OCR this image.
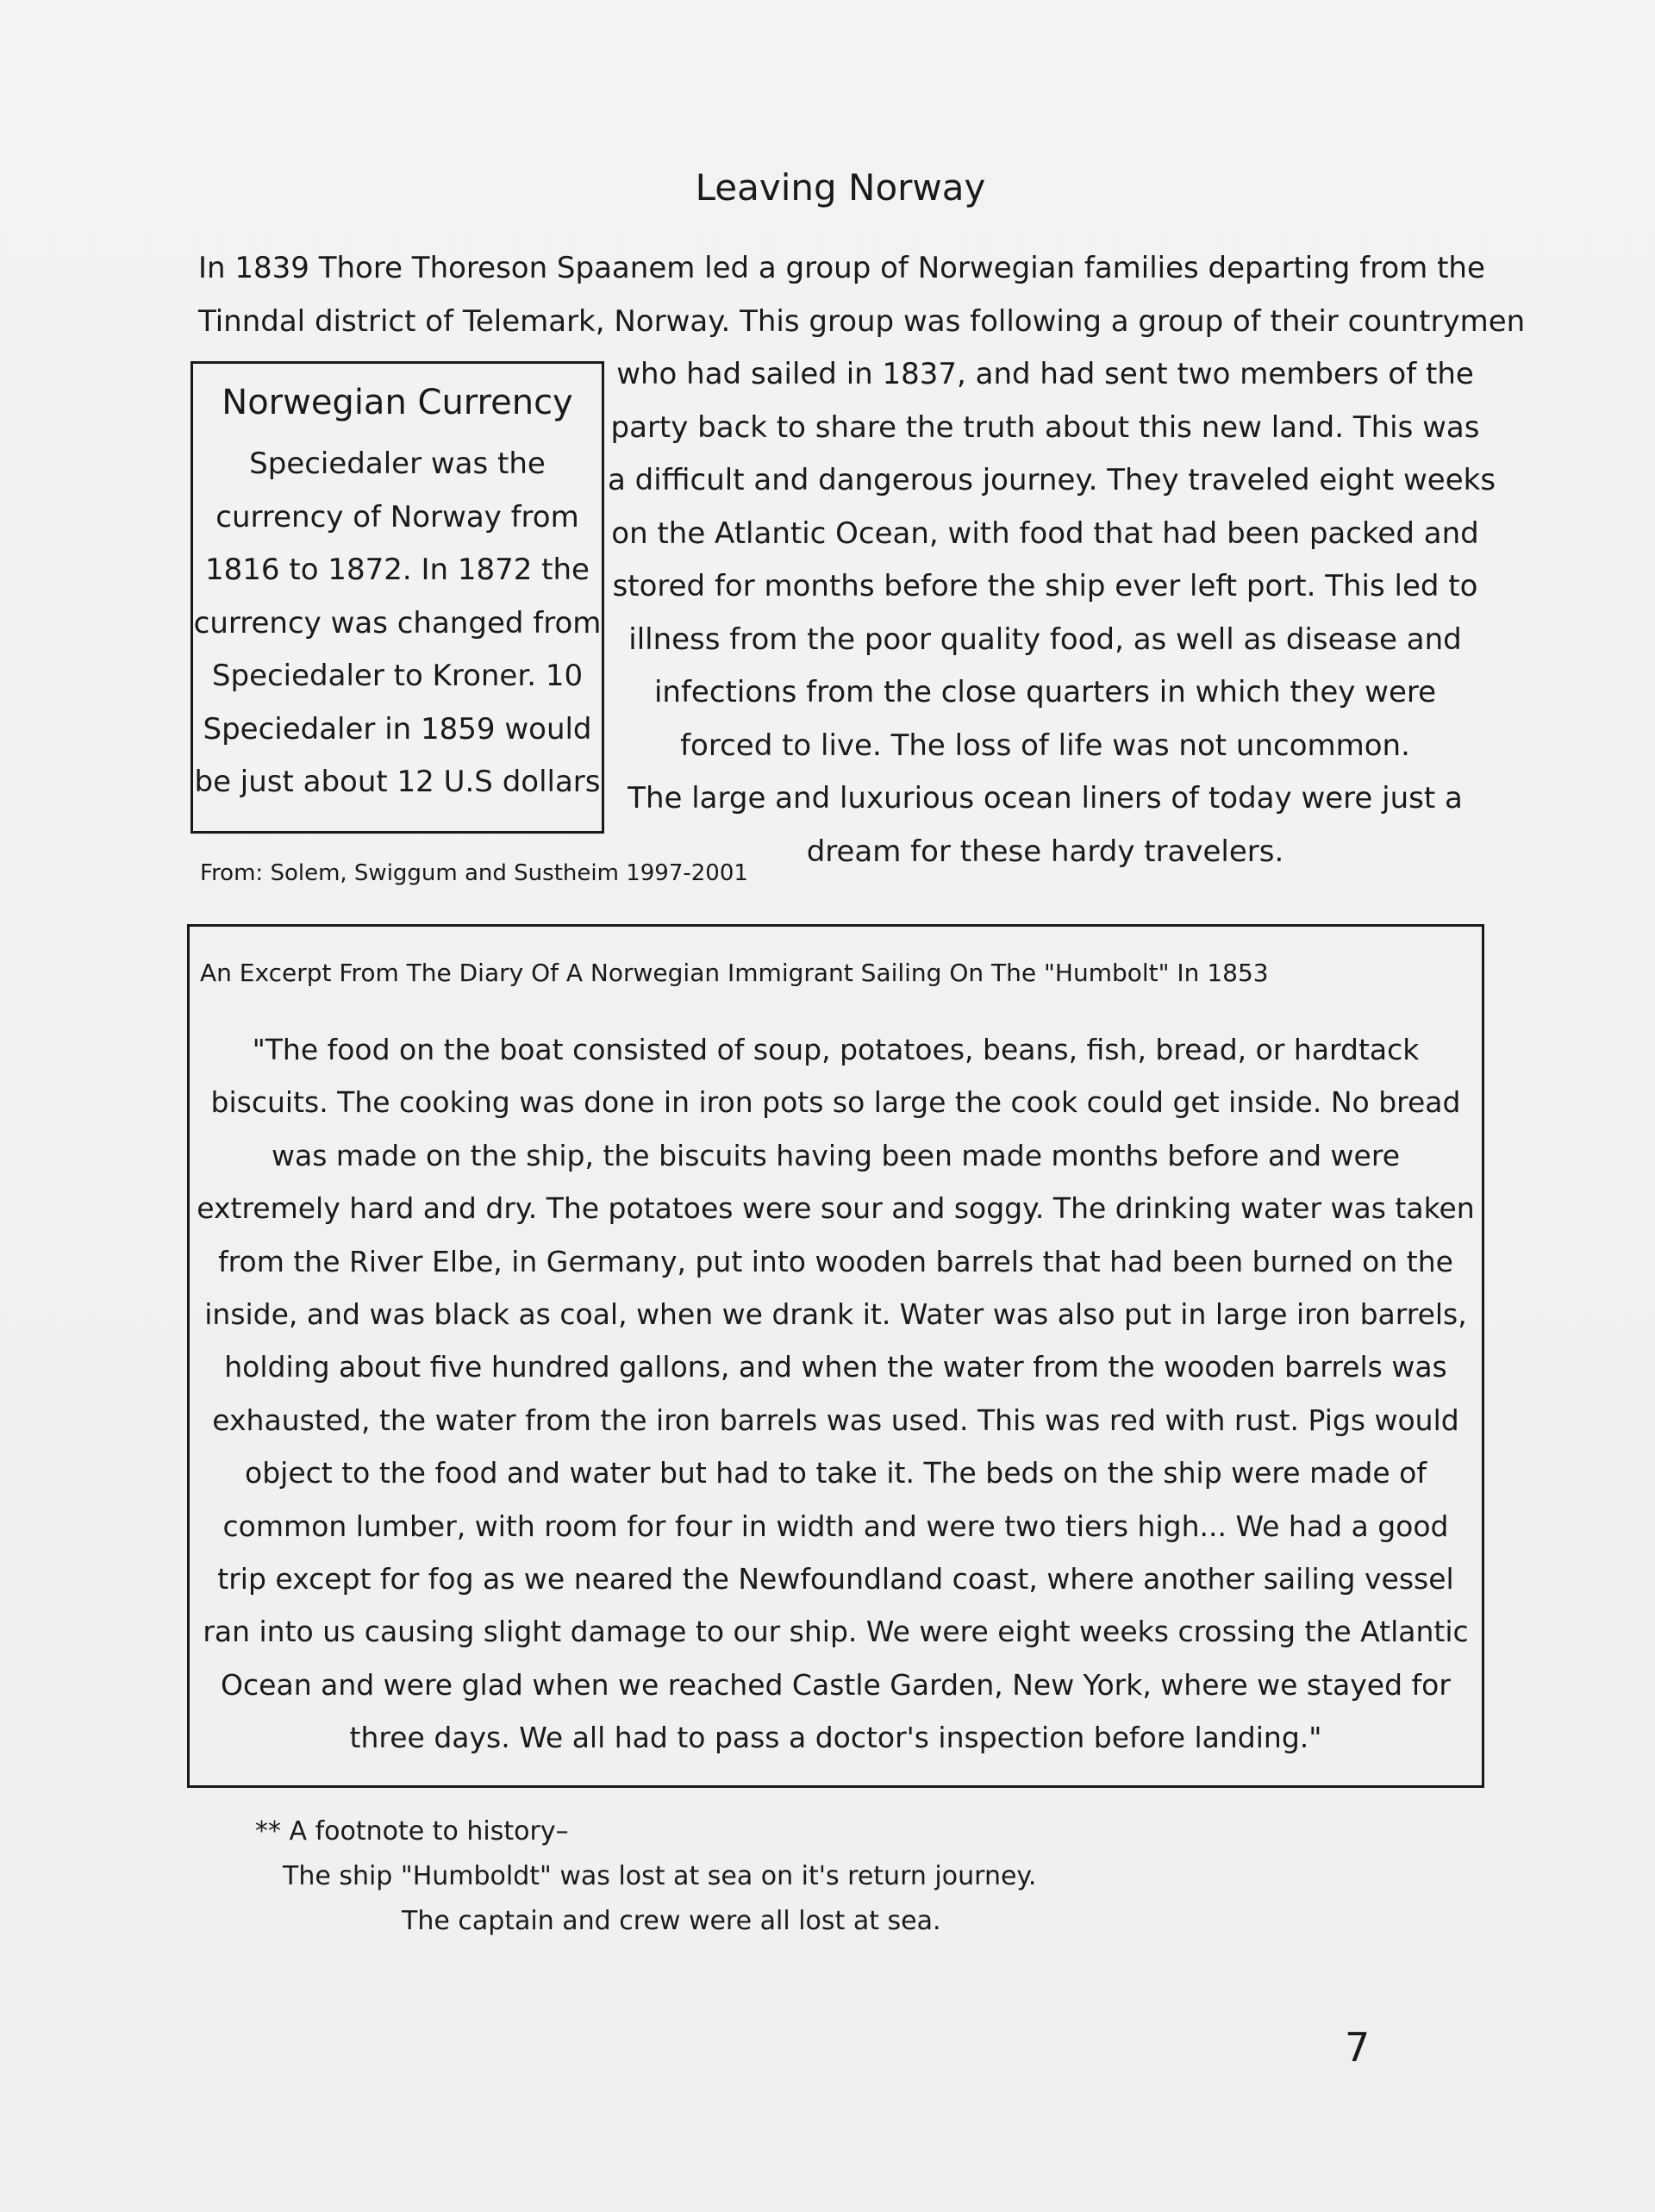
Leaving Norway
In 1839 Thore Thoreson Spaanem led a group of Norwegian families departing from the
Tinndal district of Telemark, Norway. This group was following a group of their countrymen
Norwegian Currency
Speciedaler was the
currency of Norway from
1816 to 1872. In 1872 the
currency was changed from
Speciedaler to Kroner. 10
Speciedaler in 1859 would
be just about 12 U.S dollars
who had sailed in 1837, and had sent two members of the
party back to share the truth about this new land. This was
a difficult and dangerous journey. They traveled eight weeks
on the Atlantic Ocean, with food that had been packed and
stored for months before the ship ever left port. This led to
illness from the poor quality food, as well as disease and
infections from the close quarters in which they were
forced to live. The loss of life was not uncommon.
The large and luxurious ocean liners of today were just a
dream for these hardy travelers.
From: Solem, Swiggum and Sustheim 1997-2001
An Excerpt From The Diary Of A Norwegian Immigrant Sailing On The "Humbolt" In 1853
"The food on the boat consisted of soup, potatoes, beans, fish, bread, or hardtack
biscuits. The cooking was done in iron pots so large the cook could get inside. No bread
was made on the ship, the biscuits having been made months before and were
extremely hard and dry. The potatoes were sour and soggy. The drinking water was taken
from the River Elbe, in Germany, put into wooden barrels that had been burned on the
inside, and was black as coal, when we drank it. Water was also put in large iron barrels,
holding about five hundred gallons, and when the water from the wooden barrels was
exhausted, the water from the iron barrels was used. This was red with rust. Pigs would
object to the food and water but had to take it. The beds on the ship were made of
common lumber, with room for four in width and were two tiers high... We had a good
trip except for fog as we neared the Newfoundland coast, where another sailing vessel
ran into us causing slight damage to our ship. We were eight weeks crossing the Atlantic
Ocean and were glad when we reached Castle Garden, New York, where we stayed for
three days. We all had to pass a doctor's inspection before landing."
** A footnote to history–
The ship "Humboldt" was lost at sea on it's return journey.
The captain and crew were all lost at sea.
7
